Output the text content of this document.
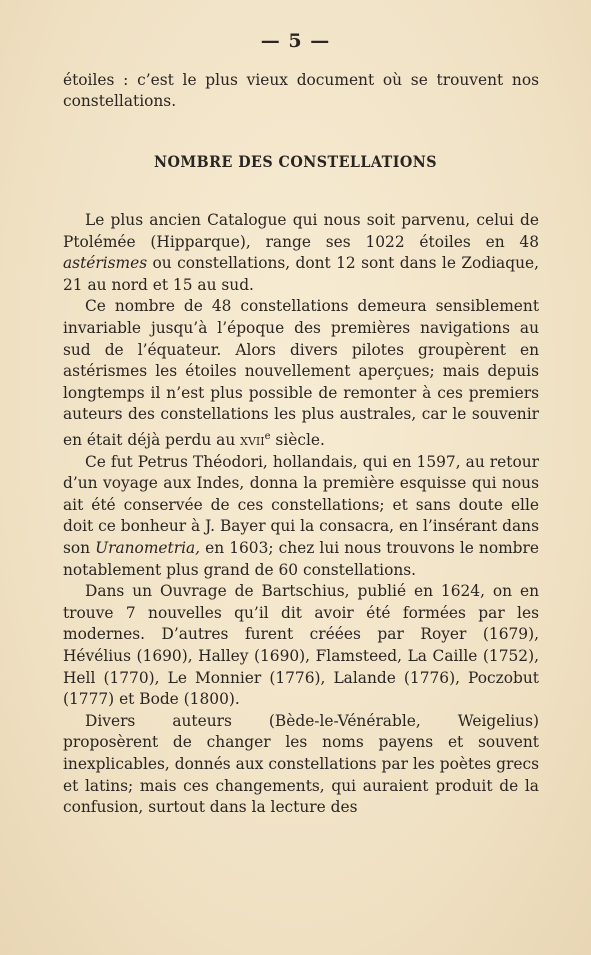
— 5 —

étoiles : c’est le plus vieux document où se trouvent nos constellations.

NOMBRE DES CONSTELLATIONS

Le plus ancien Catalogue qui nous soit parvenu, celui de Ptolémée (Hipparque), range ses 1022 étoiles en 48 astérismes ou constellations, dont 12 sont dans le Zodiaque, 21 au nord et 15 au sud.

Ce nombre de 48 constellations demeura sensiblement invariable jusqu’à l’époque des premières navigations au sud de l’équateur. Alors divers pilotes groupèrent en astérismes les étoiles nouvellement aperçues; mais depuis longtemps il n’est plus possible de remonter à ces premiers auteurs des constellations les plus australes, car le souvenir en était déjà perdu au xvii$^e$ siècle.

Ce fut Petrus Théodori, hollandais, qui en 1597, au retour d’un voyage aux Indes, donna la première esquisse qui nous ait été conservée de ces constellations; et sans doute elle doit ce bonheur à J. Bayer qui la consacra, en l’insérant dans son Uranometria, en 1603; chez lui nous trouvons le nombre notablement plus grand de 60 constellations.

Dans un Ouvrage de Bartschius, publié en 1624, on en trouve 7 nouvelles qu’il dit avoir été formées par les modernes. D’autres furent créées par Royer (1679), Hévélius (1690), Halley (1690), Flamsteed, La Caille (1752), Hell (1770), Le Monnier (1776), Lalande (1776), Poczobut (1777) et Bode (1800).

Divers auteurs (Bède-le-Vénérable, Weigelius) proposèrent de changer les noms payens et souvent inexplicables, donnés aux constellations par les poètes grecs et latins; mais ces changements, qui auraient produit de la confusion, surtout dans la lecture des
